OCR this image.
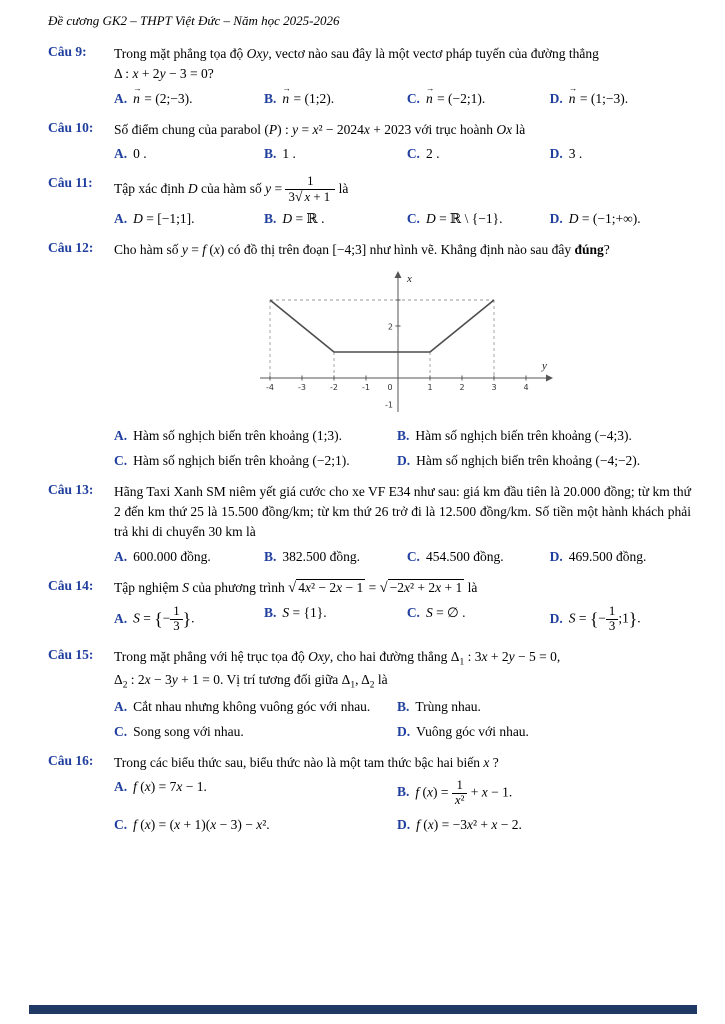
Đề cương GK2 – THPT Việt Đức – Năm học 2025-2026
Câu 9:	Trong mặt phẳng tọa độ Oxy, vectơ nào sau đây là một vectơ pháp tuyến của đường thẳng
Δ : x + 2y − 3 = 0?
A. n → = (2;−3).	B. n → = (1;2).	C. n → = (−2;1).	D. n → = (1;−3).
Câu 10:	Số điểm chung của parabol (P) : y = x² − 2024x + 2023 với trục hoành Ox là
A. 0 .	B. 1 .	C. 2 .	D. 3 .
Câu 11:	Tập xác định D của hàm số $y = \frac{1}{3√ x + 1}$ là
A. D = [−1;1].	B. D = ℝ .	C. D = ℝ \ {−1}.	D. D = (−1;+∞).
Câu 12:	Cho hàm số y = f (x) có đồ thị trên đoạn [−4;3] như hình vẽ. Khẳng định nào sau đây đúng?
x
y
-4	-3	-2	-1	1	2	3	4
0
2
-1
A. Hàm số nghịch biến trên khoảng (1;3).	B. Hàm số nghịch biến trên khoảng (−4;3).
C. Hàm số nghịch biến trên khoảng (−2;1).	D. Hàm số nghịch biến trên khoảng (−4;−2).
Câu 13:	Hãng Taxi Xanh SM niêm yết giá cước cho xe VF E34 như sau: giá km đầu tiên là 20.000 đồng; từ km thứ 2 đến km thứ 25 là 15.500 đồng/km; từ km thứ 26 trở đi là 12.500 đồng/km. Số tiền một hành khách phải trả khi di chuyển 30 km là
A. 600.000 đồng.	B. 382.500 đồng.	C. 454.500 đồng.	D. 469.500 đồng.
Câu 14:	Tập nghiệm S của phương trình √ 4x² − 2x − 1 = √ −2x² + 2x + 1 là
A. S = {− $\frac{1}{3}$ }.	B. S = {1}.	C. S = ∅ .	D. S = {− $\frac{1}{3}$ ;1}.
Câu 15:	Trong mặt phẳng với hệ trục tọa độ Oxy, cho hai đường thẳng $\Delta_1$ : 3x + 2y − 5 = 0,
$\Delta_2$ : 2x − 3y + 1 = 0. Vị trí tương đối giữa $\Delta_1$, $\Delta_2$ là
A. Cắt nhau nhưng không vuông góc với nhau. B. Trùng nhau.
C. Song song với nhau.	D. Vuông góc với nhau.
Câu 16:	Trong các biểu thức sau, biểu thức nào là một tam thức bậc hai biến x ?
A. f (x) = 7x − 1.	B. f $(x) = \frac{1}{\text{x²}} + x - 1$.
C. f (x) = (x + 1)(x − 3) − x².	D. f (x) = −3x² + x − 2.
